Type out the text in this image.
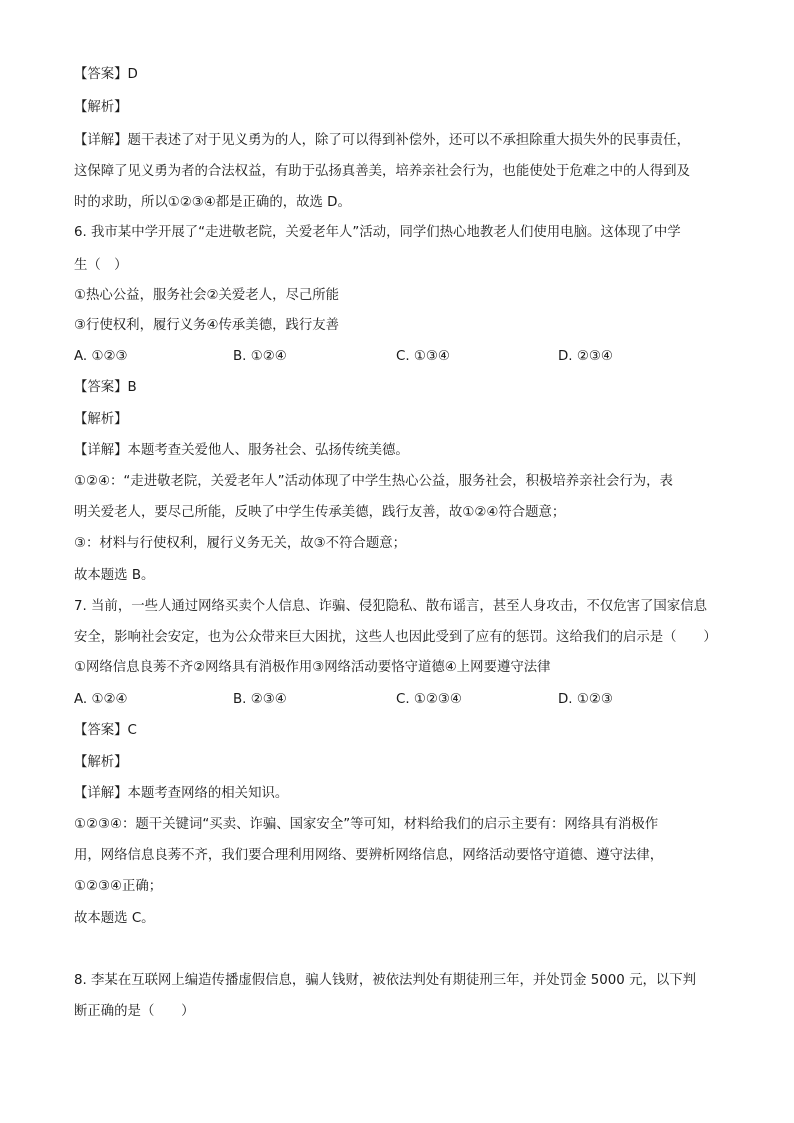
【答案】D
【解析】
【详解】题干表述了对于见义勇为的人，除了可以得到补偿外，还可以不承担除重大损失外的民事责任，
这保障了见义勇为者的合法权益，有助于弘扬真善美，培养亲社会行为，也能使处于危难之中的人得到及
时的求助，所以①②③④都是正确的，故选 D。
6. 我市某中学开展了“走进敬老院，关爱老年人”活动，同学们热心地教老人们使用电脑。这体现了中学
生（　）
①热心公益，服务社会②关爱老人，尽己所能
③行使权利，履行义务④传承美德，践行友善
A. ①②③	B. ①②④	C. ①③④	D. ②③④
【答案】B
【解析】
【详解】本题考查关爱他人、服务社会、弘扬传统美德。
①②④：“走进敬老院，关爱老年人”活动体现了中学生热心公益，服务社会，积极培养亲社会行为，表
明关爱老人，要尽己所能，反映了中学生传承美德，践行友善，故①②④符合题意；
③：材料与行使权利，履行义务无关，故③不符合题意；
故本题选 B。
7. 当前，一些人通过网络买卖个人信息、诈骗、侵犯隐私、散布谣言，甚至人身攻击，不仅危害了国家信息
安全，影响社会安定，也为公众带来巨大困扰，这些人也因此受到了应有的惩罚。这给我们的启示是（　　）
①网络信息良莠不齐②网络具有消极作用③网络活动要恪守道德④上网要遵守法律
A. ①②④	B. ②③④	C. ①②③④	D. ①②③
【答案】C
【解析】
【详解】本题考查网络的相关知识。
①②③④：题干关键词“买卖、诈骗、国家安全”等可知，材料给我们的启示主要有：网络具有消极作
用，网络信息良莠不齐，我们要合理利用网络、要辨析网络信息，网络活动要恪守道德、遵守法律，
①②③④正确；
故本题选 C。
8. 李某在互联网上编造传播虚假信息，骗人钱财，被依法判处有期徒刑三年，并处罚金 5000 元，以下判
断正确的是（　　）
